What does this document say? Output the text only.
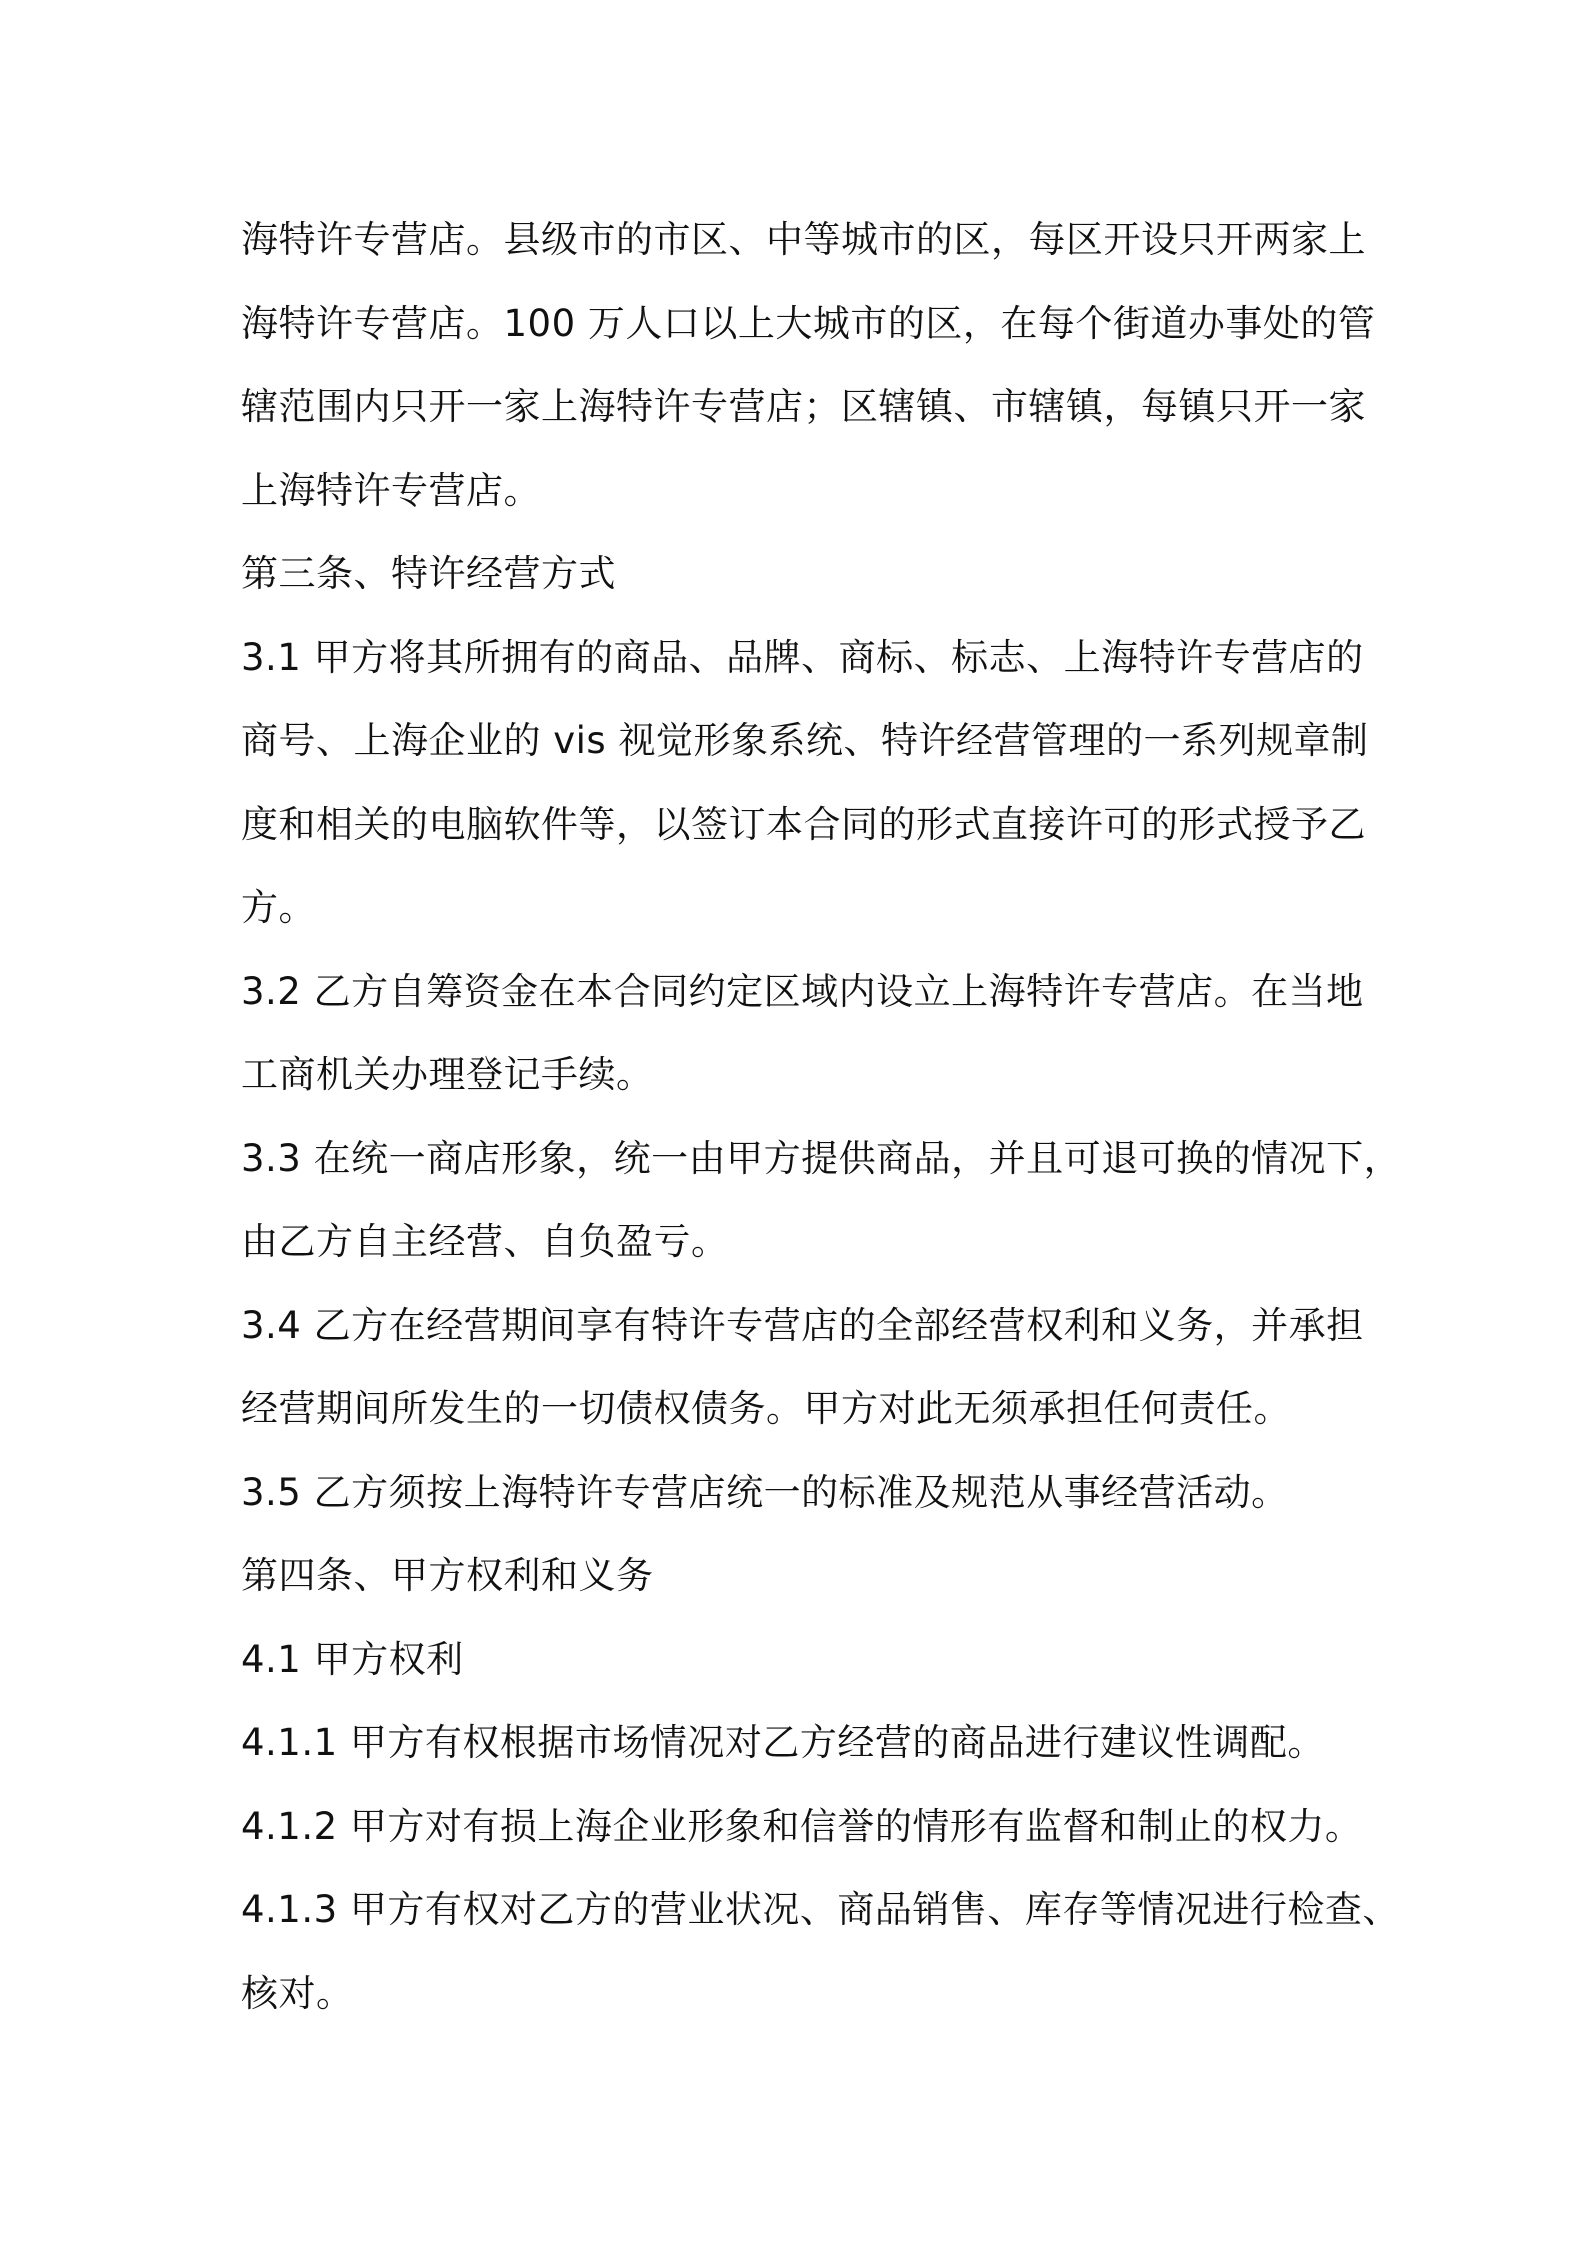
海特许专营店。县级市的市区、中等城市的区，每区开设只开两家上
海特许专营店。100 万人口以上大城市的区，在每个街道办事处的管
辖范围内只开一家上海特许专营店；区辖镇、市辖镇，每镇只开一家
上海特许专营店。
第三条、特许经营方式
3.1 甲方将其所拥有的商品、品牌、商标、标志、上海特许专营店的
商号、上海企业的 vis 视觉形象系统、特许经营管理的一系列规章制
度和相关的电脑软件等，以签订本合同的形式直接许可的形式授予乙
方。
3.2 乙方自筹资金在本合同约定区域内设立上海特许专营店。在当地
工商机关办理登记手续。
3.3 在统一商店形象，统一由甲方提供商品，并且可退可换的情况下，
由乙方自主经营、自负盈亏。
3.4 乙方在经营期间享有特许专营店的全部经营权利和义务，并承担
经营期间所发生的一切债权债务。甲方对此无须承担任何责任。
3.5 乙方须按上海特许专营店统一的标准及规范从事经营活动。
第四条、甲方权利和义务
4.1 甲方权利
4.1.1 甲方有权根据市场情况对乙方经营的商品进行建议性调配。
4.1.2 甲方对有损上海企业形象和信誉的情形有监督和制止的权力。
4.1.3 甲方有权对乙方的营业状况、商品销售、库存等情况进行检查、
核对。
